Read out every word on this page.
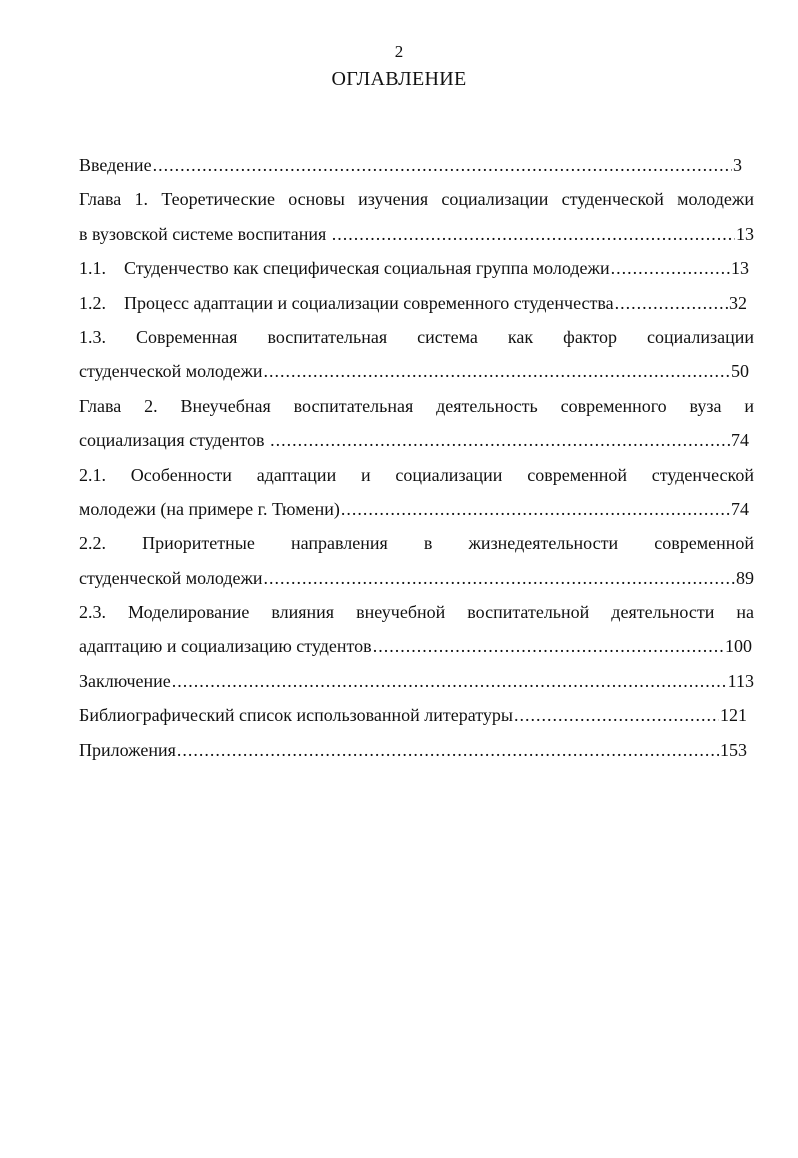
2
ОГЛАВЛЕНИЕ
Введение .....	3
Глава 1. Теоретические основы изучения социализации студенческой молодежи
в вузовской системе воспитания .....	13
1.1.    Студенчество как специфическая социальная группа молодежи .....	13
1.2.    Процесс адаптации и социализации современного студенчества .....	32
1.3. Современная воспитательная система как фактор социализации
студенческой молодежи .....	50
Глава 2. Внеучебная воспитательная деятельность современного вуза и
социализация студентов .....	74
2.1. Особенности адаптации и социализации современной студенческой
молодежи (на примере г. Тюмени) .....	74
2.2. Приоритетные направления в жизнедеятельности современной
студенческой молодежи .....	89
2.3. Моделирование влияния внеучебной воспитательной деятельности на
адаптацию и социализацию студентов .....	100
Заключение .....	113
Библиографический список использованной литературы .....	121
Приложения .....	153
